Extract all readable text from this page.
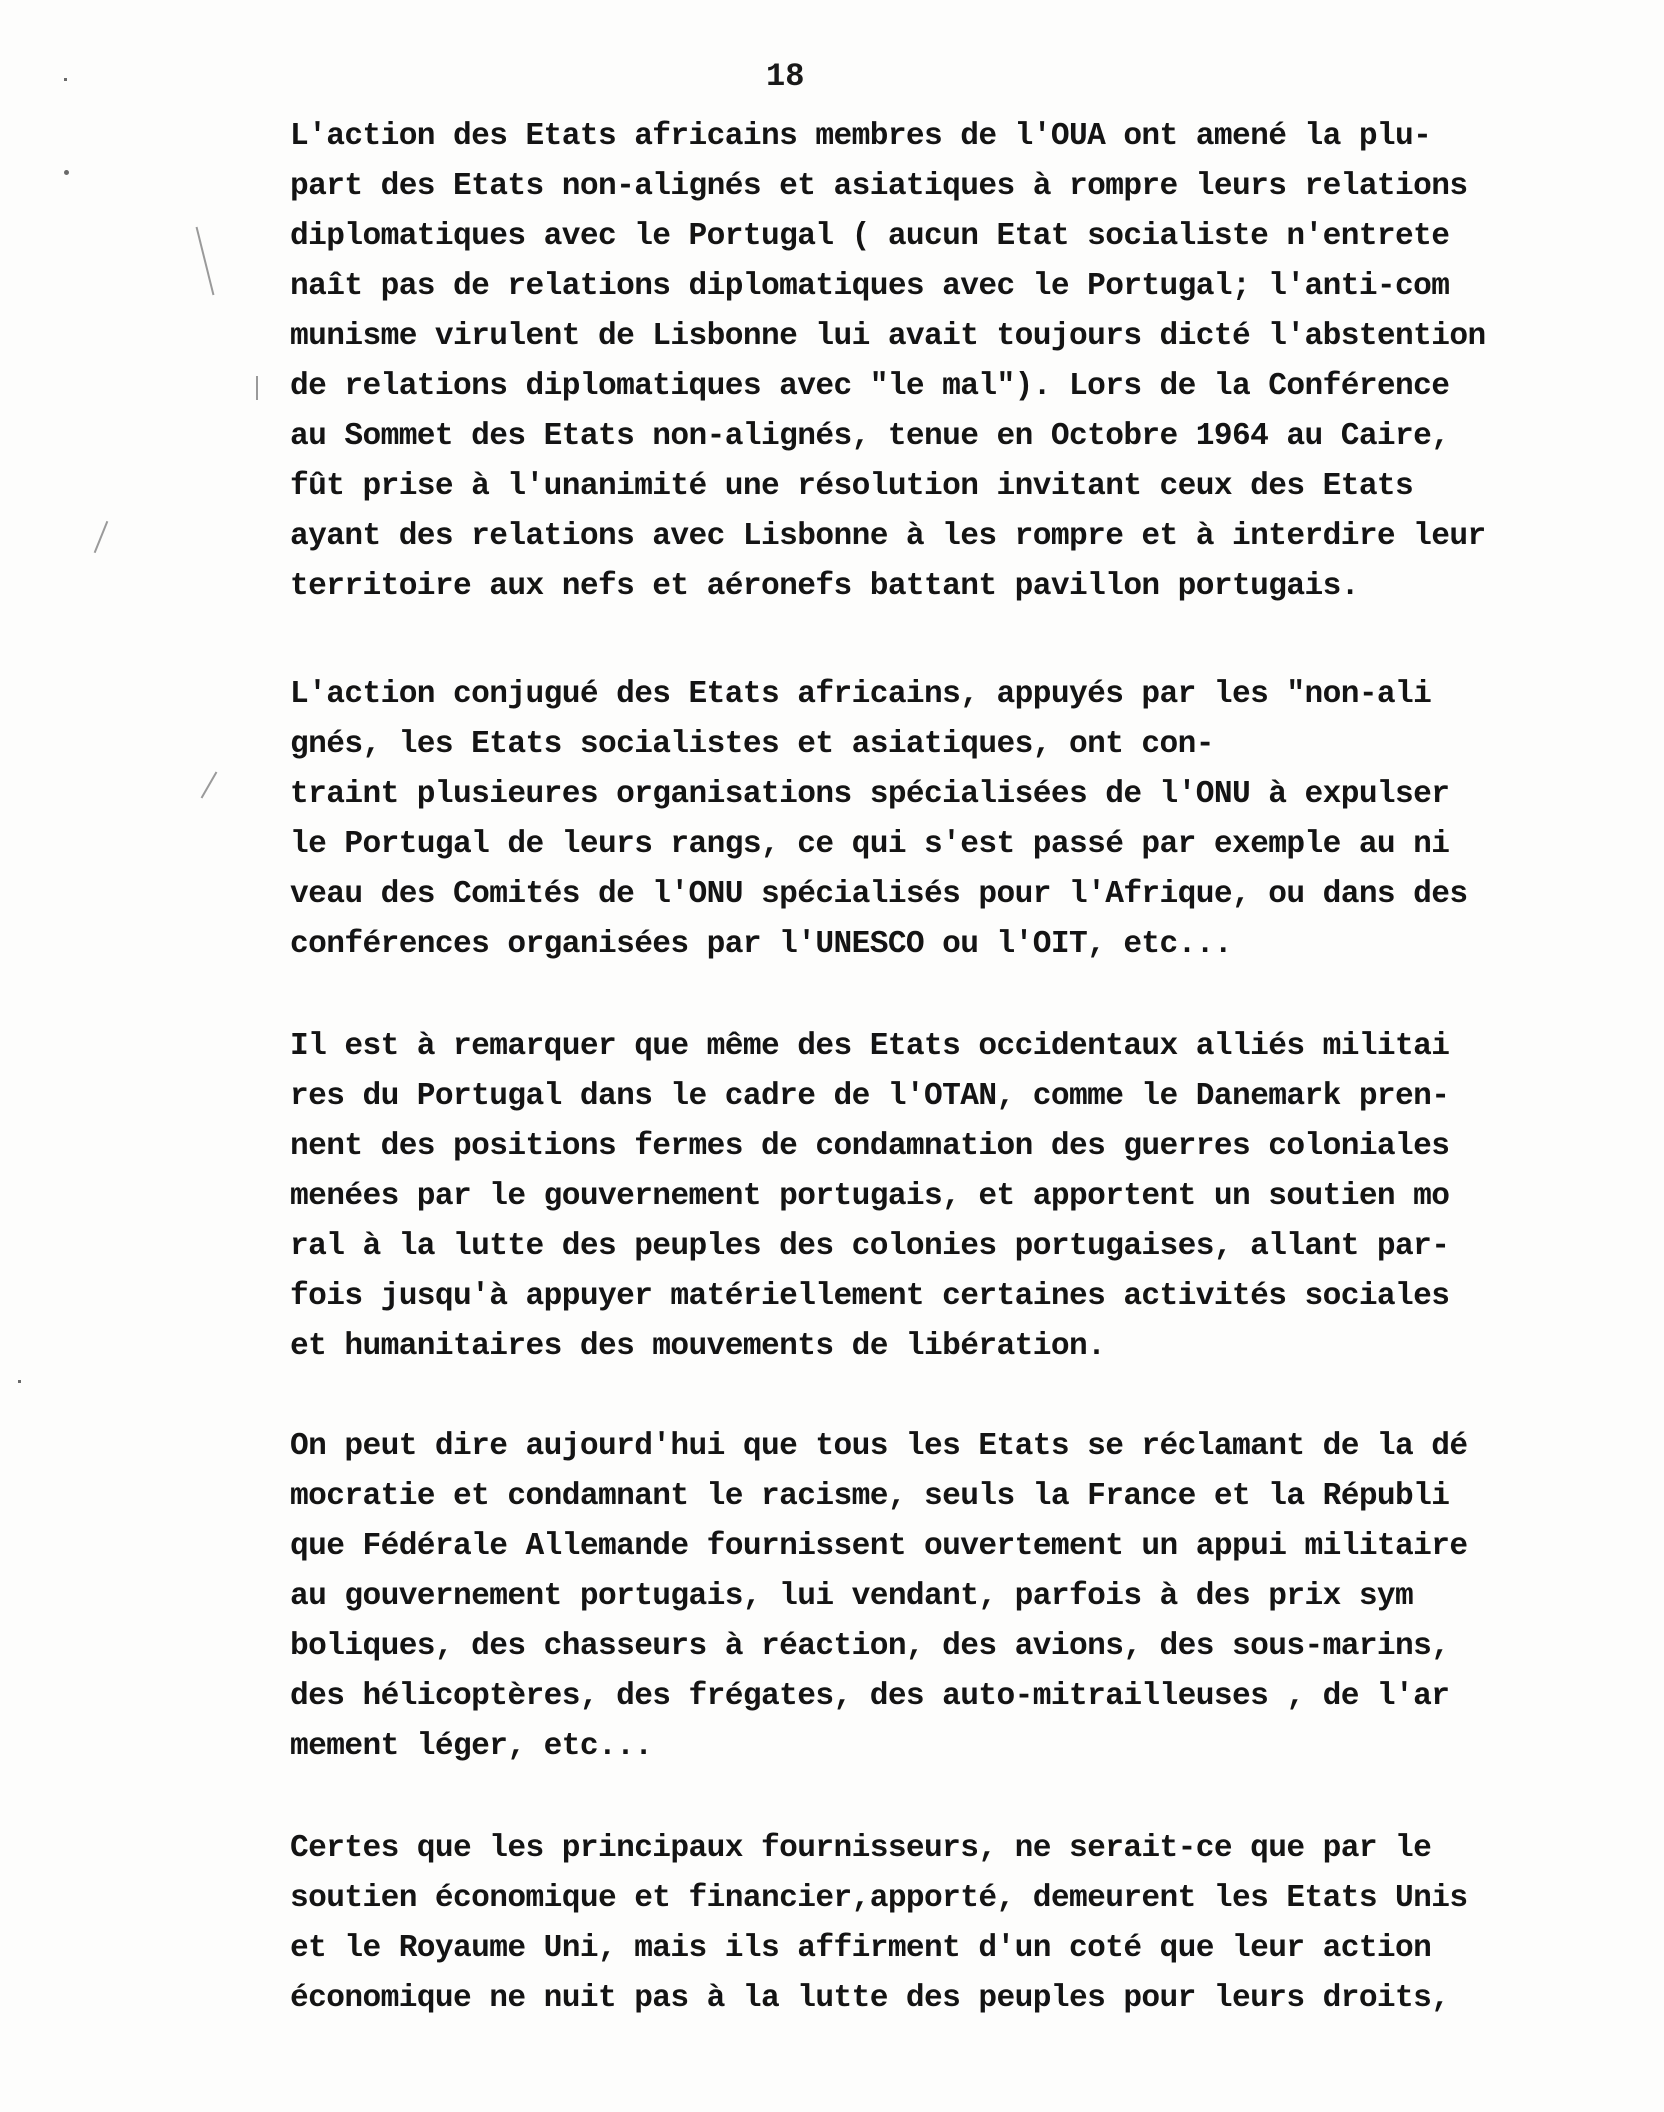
18
L'action des Etats africains membres de l'OUA ont amené la plu-
part des Etats non-alignés et asiatiques à rompre leurs relations
diplomatiques avec le Portugal ( aucun Etat socialiste n'entrete
naît pas de relations diplomatiques avec le Portugal; l'anti-com
munisme virulent de Lisbonne lui avait toujours dicté l'abstention
de relations diplomatiques avec "le mal"). Lors de la Conférence
au Sommet des Etats non-alignés, tenue en Octobre 1964 au Caire,
fût prise à l'unanimité une résolution invitant ceux des Etats
ayant des relations avec Lisbonne à les rompre et à interdire leur
territoire aux nefs et aéronefs battant pavillon portugais.
L'action conjugué des Etats africains, appuyés par les "non-ali
gnés, les Etats socialistes et asiatiques, ont con-
traint plusieures organisations spécialisées de l'ONU à expulser
le Portugal de leurs rangs, ce qui s'est passé par exemple au ni
veau des Comités de l'ONU spécialisés pour l'Afrique, ou dans des
conférences organisées par l'UNESCO ou l'OIT, etc...
Il est à remarquer que même des Etats occidentaux alliés militai
res du Portugal dans le cadre de l'OTAN, comme le Danemark pren-
nent des positions fermes de condamnation des guerres coloniales
menées par le gouvernement portugais, et apportent un soutien mo
ral à la lutte des peuples des colonies portugaises, allant par-
fois jusqu'à appuyer matériellement certaines activités sociales
et humanitaires des mouvements de libération.
On peut dire aujourd'hui que tous les Etats se réclamant de la dé
mocratie et condamnant le racisme, seuls la France et la Républi
que Fédérale Allemande fournissent ouvertement un appui militaire
au gouvernement portugais, lui vendant, parfois à des prix sym
boliques, des chasseurs à réaction, des avions, des sous-marins,
des hélicoptères, des frégates, des auto-mitrailleuses , de l'ar
mement léger, etc...
Certes que les principaux fournisseurs, ne serait-ce que par le
soutien économique et financier,apporté, demeurent les Etats Unis
et le Royaume Uni, mais ils affirment d'un coté que leur action
économique ne nuit pas à la lutte des peuples pour leurs droits,
